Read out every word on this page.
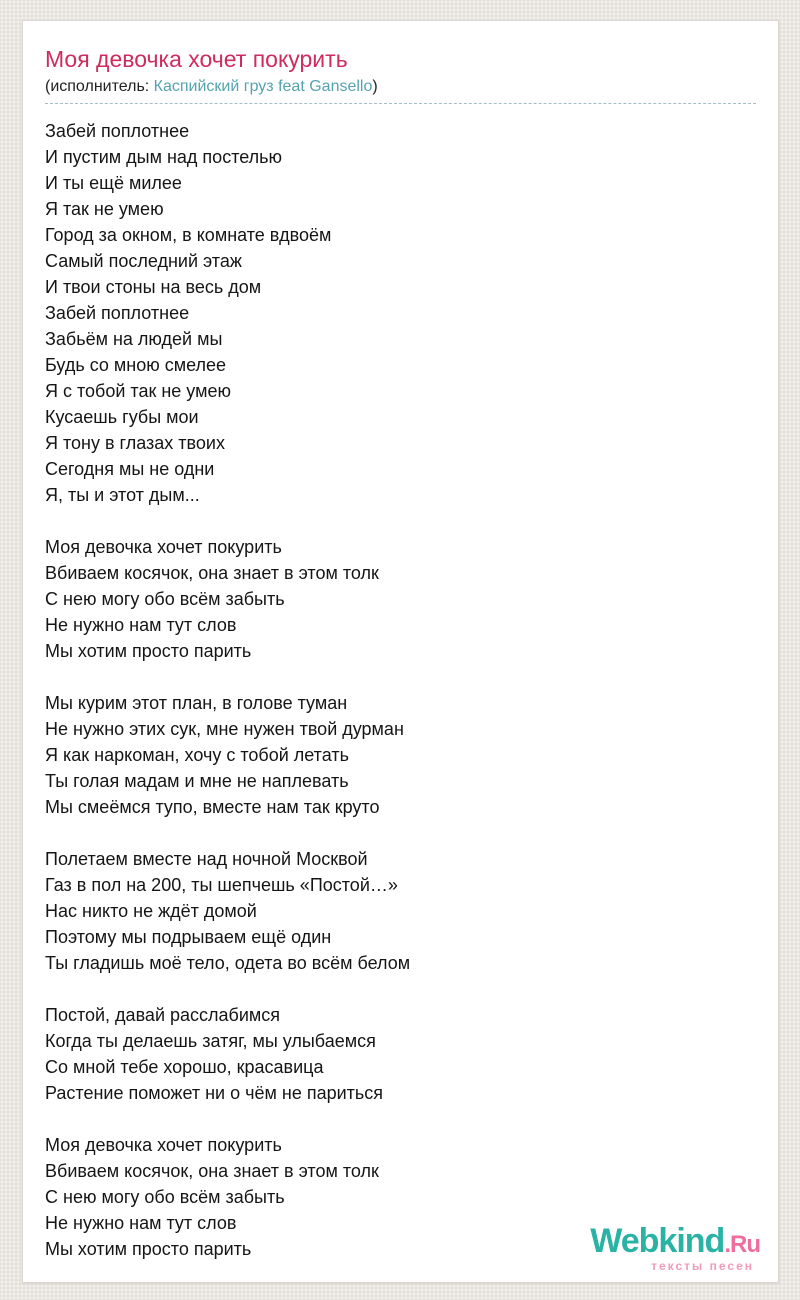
Моя девочка хочет покурить
(исполнитель: Каспийский груз feat Gansello)
Забей поплотнее
И пустим дым над постелью
И ты ещё милее
Я так не умею
Город за окном, в комнате вдвоём
Самый последний этаж
И твои стоны на весь дом
Забей поплотнее
Забьём на людей мы
Будь со мною смелее
Я с тобой так не умею
Кусаешь губы мои
Я тону в глазах твоих
Сегодня мы не одни
Я, ты и этот дым...
Моя девочка хочет покурить
Вбиваем косячок, она знает в этом толк
С нею могу обо всём забыть
Не нужно нам тут слов
Мы хотим просто парить
Мы курим этот план, в голове туман
Не нужно этих сук, мне нужен твой дурман
Я как наркоман, хочу с тобой летать
Ты голая мадам и мне не наплевать
Мы смеёмся тупо, вместе нам так круто
Полетаем вместе над ночной Москвой
Газ в пол на 200, ты шепчешь «Постой…»
Нас никто не ждёт домой
Поэтому мы подрываем ещё один
Ты гладишь моё тело, одета во всём белом
Постой, давай расслабимся
Когда ты делаешь затяг, мы улыбаемся
Со мной тебе хорошо, красавица
Растение поможет ни о чём не париться
Моя девочка хочет покурить
Вбиваем косячок, она знает в этом толк
С нею могу обо всём забыть
Не нужно нам тут слов
Мы хотим просто парить	Webkind.Ru
тексты песен
